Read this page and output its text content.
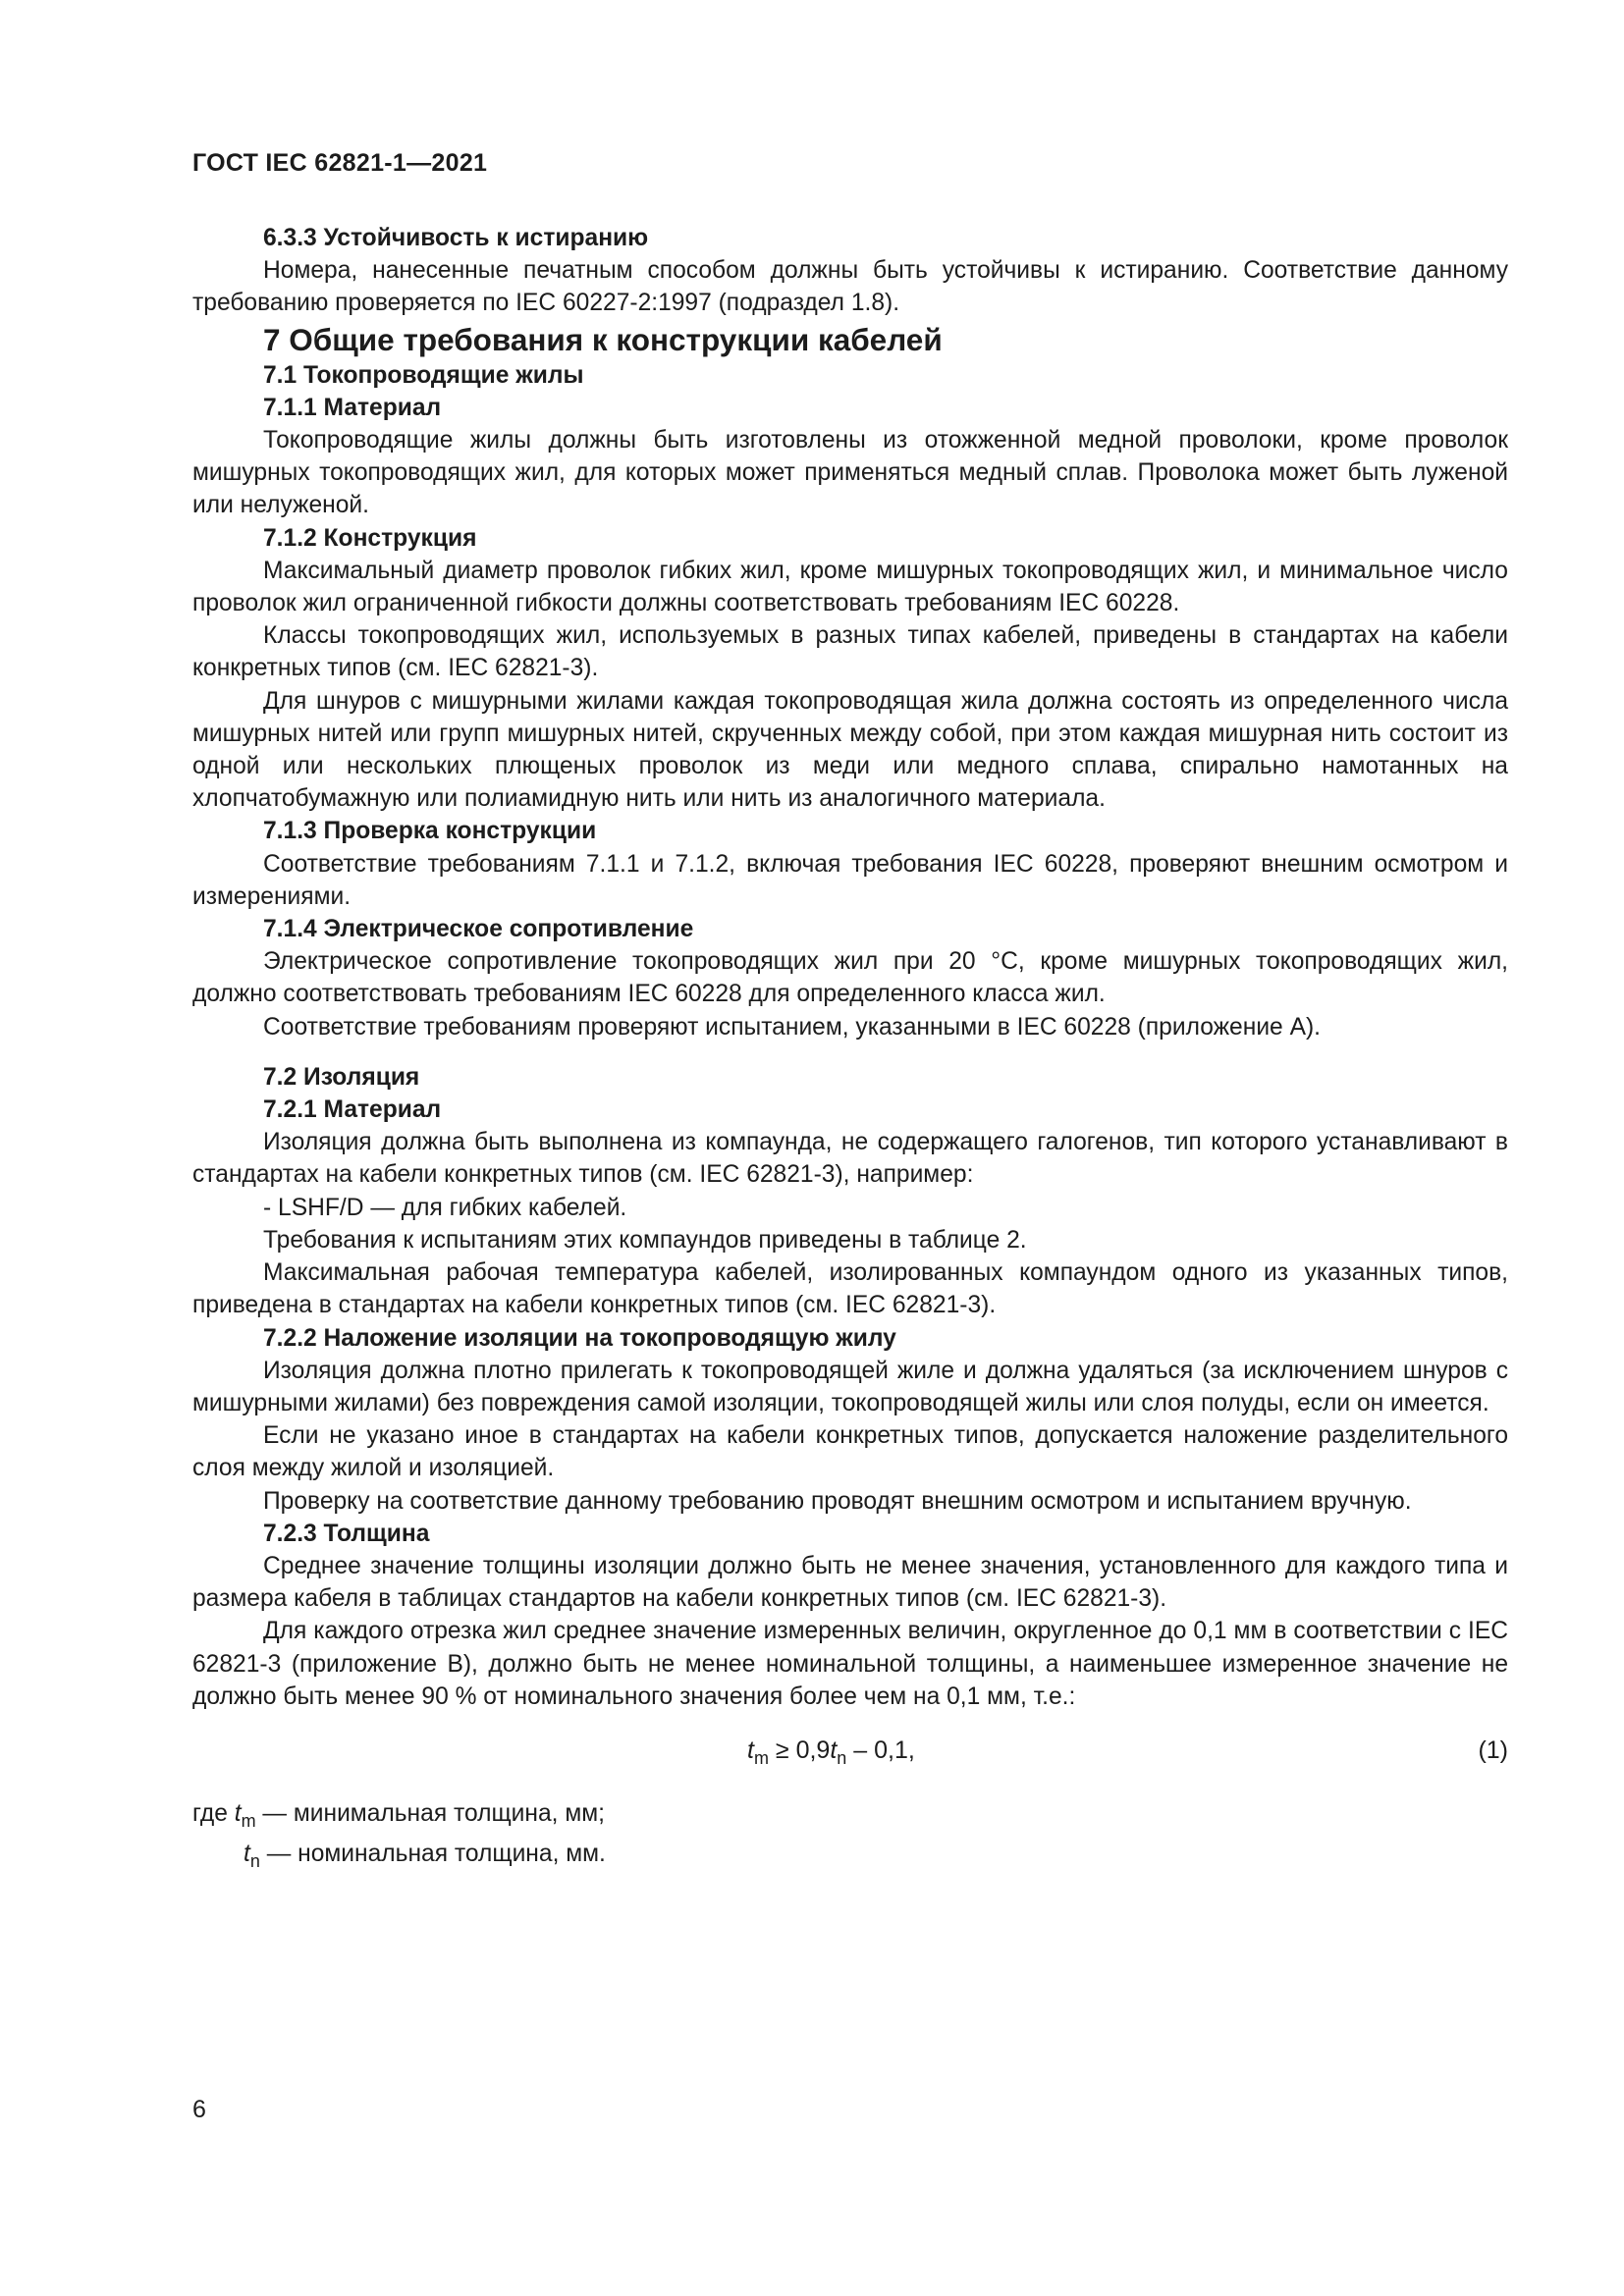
ГОСТ IEC 62821-1—2021

6.3.3 Устойчивость к истиранию

Номера, нанесенные печатным способом должны быть устойчивы к истиранию. Соответствие данному требованию проверяется по IEC 60227-2:1997 (подраздел 1.8).

7 Общие требования к конструкции кабелей

7.1 Токопроводящие жилы

7.1.1 Материал

Токопроводящие жилы должны быть изготовлены из отожженной медной проволоки, кроме проволок мишурных токопроводящих жил, для которых может применяться медный сплав. Проволока может быть луженой или нелуженой.

7.1.2 Конструкция

Максимальный диаметр проволок гибких жил, кроме мишурных токопроводящих жил, и минимальное число проволок жил ограниченной гибкости должны соответствовать требованиям IEC 60228.

Классы токопроводящих жил, используемых в разных типах кабелей, приведены в стандартах на кабели конкретных типов (см. IEC 62821-3).

Для шнуров с мишурными жилами каждая токопроводящая жила должна состоять из определенного числа мишурных нитей или групп мишурных нитей, скрученных между собой, при этом каждая мишурная нить состоит из одной или нескольких плющеных проволок из меди или медного сплава, спирально намотанных на хлопчатобумажную или полиамидную нить или нить из аналогичного материала.

7.1.3 Проверка конструкции

Соответствие требованиям 7.1.1 и 7.1.2, включая требования IEC 60228, проверяют внешним осмотром и измерениями.

7.1.4 Электрическое сопротивление

Электрическое сопротивление токопроводящих жил при 20 °С, кроме мишурных токопроводящих жил, должно соответствовать требованиям IEC 60228 для определенного класса жил.

Соответствие требованиям проверяют испытанием, указанными в IEC 60228 (приложение А).

7.2 Изоляция

7.2.1 Материал

Изоляция должна быть выполнена из компаунда, не содержащего галогенов, тип которого устанавливают в стандартах на кабели конкретных типов (см. IEC 62821-3), например:

- LSHF/D — для гибких кабелей.

Требования к испытаниям этих компаундов приведены в таблице 2.

Максимальная рабочая температура кабелей, изолированных компаундом одного из указанных типов, приведена в стандартах на кабели конкретных типов (см. IEC 62821-3).

7.2.2 Наложение изоляции на токопроводящую жилу

Изоляция должна плотно прилегать к токопроводящей жиле и должна удаляться (за исключением шнуров с мишурными жилами) без повреждения самой изоляции, токопроводящей жилы или слоя полуды, если он имеется.

Если не указано иное в стандартах на кабели конкретных типов, допускается наложение разделительного слоя между жилой и изоляцией.

Проверку на соответствие данному требованию проводят внешним осмотром и испытанием вручную.

7.2.3 Толщина

Среднее значение толщины изоляции должно быть не менее значения, установленного для каждого типа и размера кабеля в таблицах стандартов на кабели конкретных типов (см. IEC 62821-3).

Для каждого отрезка жил среднее значение измеренных величин, округленное до 0,1 мм в соответствии с IEC 62821-3 (приложение В), должно быть не менее номинальной толщины, а наименьшее измеренное значение не должно быть менее 90 % от номинального значения более чем на 0,1 мм, т.е.:

$t_m \ge 0,9t_n - 0,1$,	(1)

где $t_m$ — минимальная толщина, мм;

$t_n$ — номинальная толщина, мм.

6
